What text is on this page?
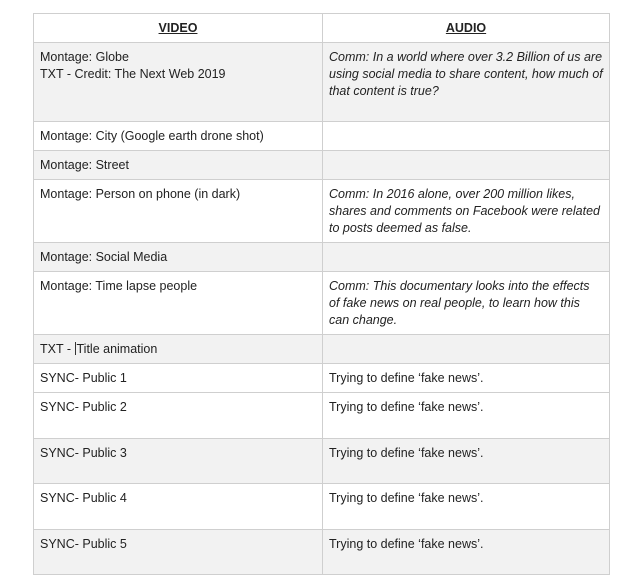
VIDEO	AUDIO

Montage: Globe
TXT - Credit: The Next Web 2019	Comm: In a world where over 3.2 Billion of us are using social media to share content, how much of that content is true?

Montage: City (Google earth drone shot)	

Montage: Street	

Montage: Person on phone (in dark)	Comm: In 2016 alone, over 200 million likes, shares and comments on Facebook were related to posts deemed as false.

Montage: Social Media	

Montage: Time lapse people	Comm: This documentary looks into the effects of fake news on real people, to learn how this can change.
TXT - Title animation	

SYNC- Public 1	Trying to define ‘fake news’.

SYNC- Public 2	Trying to define ‘fake news’.

SYNC- Public 3	Trying to define ‘fake news’.

SYNC- Public 4	Trying to define ‘fake news’.

SYNC- Public 5	Trying to define ‘fake news’.
